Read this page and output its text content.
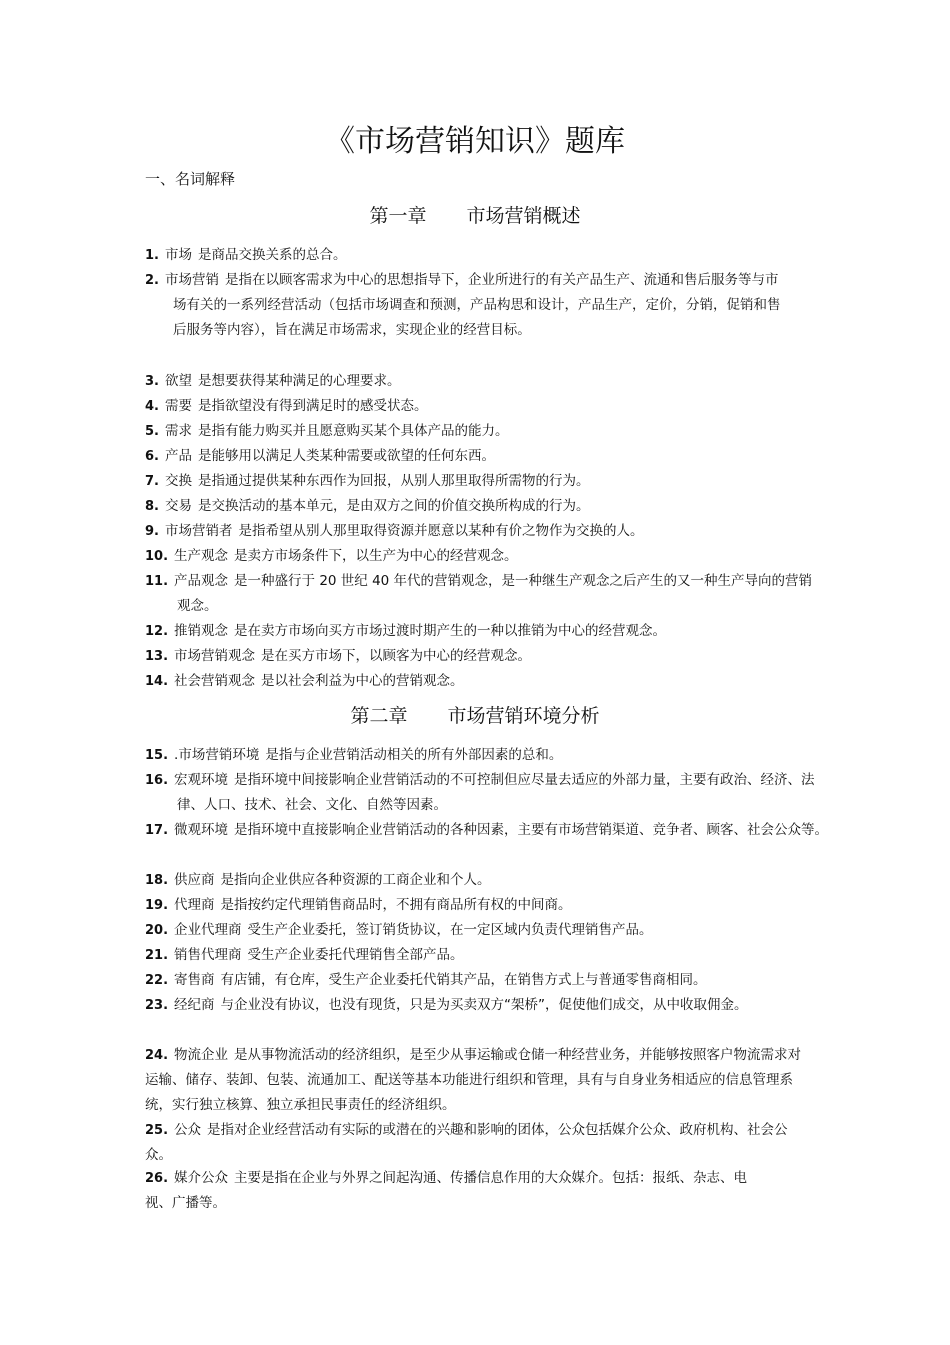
《市场营销知识》题库
一、名词解释
第一章 市场营销概述
第二章 市场营销环境分析
1. 市场 是商品交换关系的总合。
2. 市场营销 是指在以顾客需求为中心的思想指导下，企业所进行的有关产品生产、流通和售后服务等与市场有关的一系列经营活动（包括市场调查和预测，产品构思和设计，产品生产，定价，分销，促销和售后服务等内容），旨在满足市场需求，实现企业的经营目标。
3. 欲望 是想要获得某种满足的心理要求。
4. 需要 是指欲望没有得到满足时的感受状态。
5. 需求 是指有能力购买并且愿意购买某个具体产品的能力。
6. 产品 是能够用以满足人类某种需要或欲望的任何东西。
7. 交换 是指通过提供某种东西作为回报，从别人那里取得所需物的行为。
8. 交易 是交换活动的基本单元，是由双方之间的价值交换所构成的行为。
9. 市场营销者 是指希望从别人那里取得资源并愿意以某种有价之物作为交换的人。
10. 生产观念 是卖方市场条件下，以生产为中心的经营观念。
11. 产品观念 是一种盛行于 20 世纪 40 年代的营销观念，是一种继生产观念之后产生的又一种生产导向的营销观念。
12. 推销观念 是在卖方市场向买方市场过渡时期产生的一种以推销为中心的经营观念。
13. 市场营销观念 是在买方市场下，以顾客为中心的经营观念。
14. 社会营销观念 是以社会利益为中心的营销观念。
15. .市场营销环境 是指与企业营销活动相关的所有外部因素的总和。
16. 宏观环境 是指环境中间接影响企业营销活动的不可控制但应尽量去适应的外部力量，主要有政治、经济、法律、人口、技术、社会、文化、自然等因素。
17. 微观环境 是指环境中直接影响企业营销活动的各种因素，主要有市场营销渠道、竞争者、顾客、社会公众等。
18. 供应商 是指向企业供应各种资源的工商企业和个人。
19. 代理商 是指按约定代理销售商品时，不拥有商品所有权的中间商。
20. 企业代理商 受生产企业委托，签订销货协议，在一定区域内负责代理销售产品。
21. 销售代理商 受生产企业委托代理销售全部产品。
22. 寄售商 有店铺，有仓库，受生产企业委托代销其产品，在销售方式上与普通零售商相同。
23. 经纪商 与企业没有协议，也没有现货，只是为买卖双方“架桥”，促使他们成交，从中收取佣金。
24. 物流企业 是从事物流活动的经济组织，是至少从事运输或仓储一种经营业务，并能够按照客户物流需求对运输、储存、装卸、包装、流通加工、配送等基本功能进行组织和管理，具有与自身业务相适应的信息管理系统，实行独立核算、独立承担民事责任的经济组织。
25. 公众 是指对企业经营活动有实际的或潜在的兴趣和影响的团体，公众包括媒介公众、政府机构、社会公众。
26. 媒介公众 主要是指在企业与外界之间起沟通、传播信息作用的大众媒介。包括：报纸、杂志、电视、广播等。
